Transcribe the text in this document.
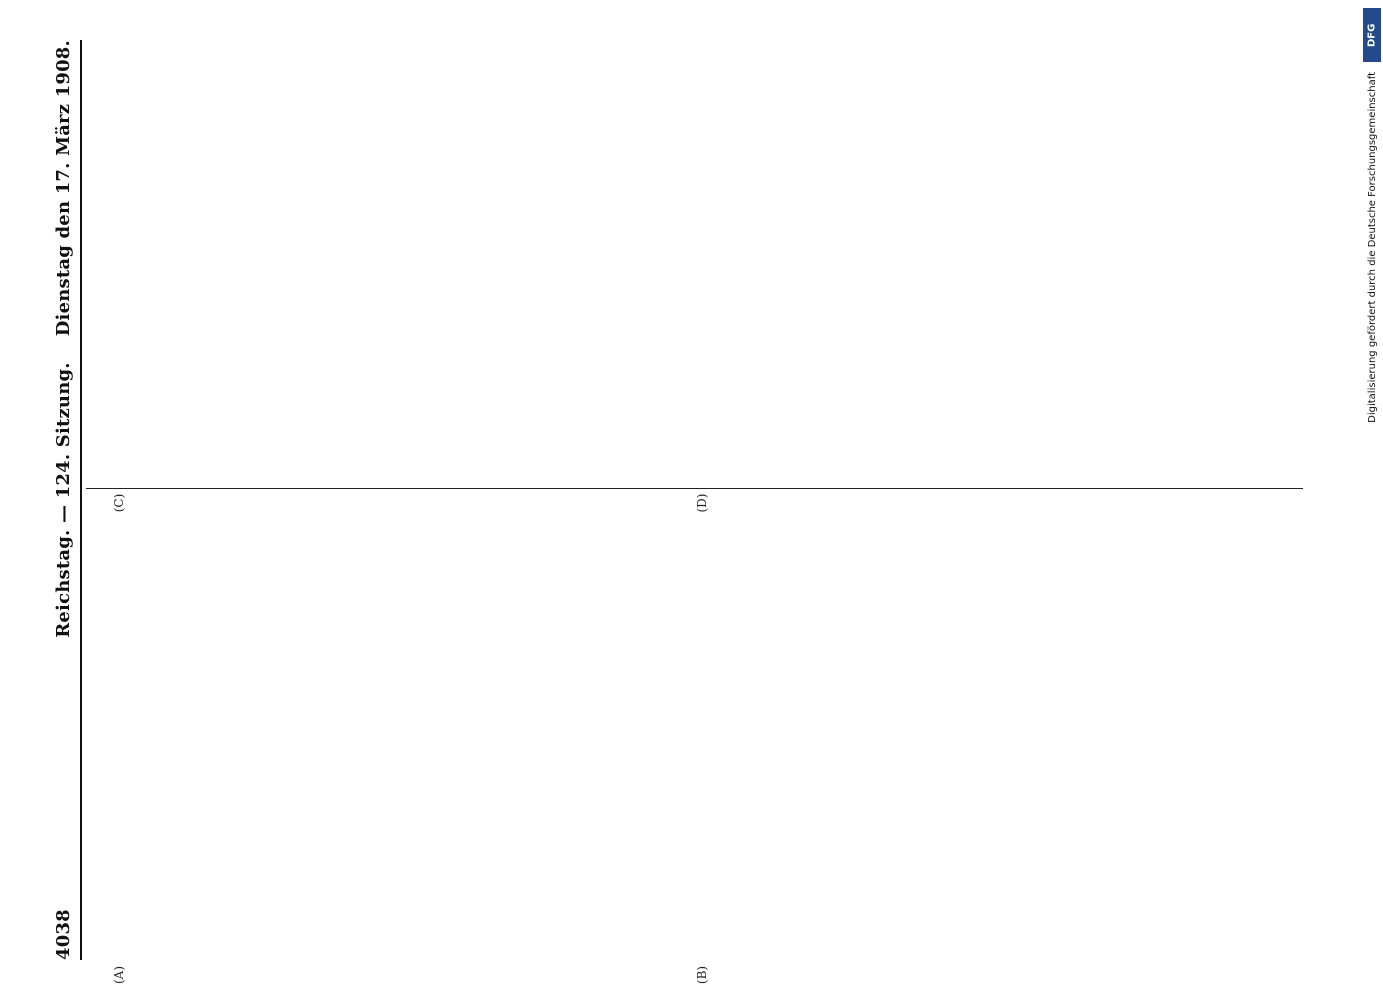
4038
Reichstag. — 124. Sitzung.
Dienstag den 17. März 1908.
(A)	(B)
(C)	(D)
DFG
Digitalisierung gefördert durch die Deutsche Forschungsgemeinschaft
